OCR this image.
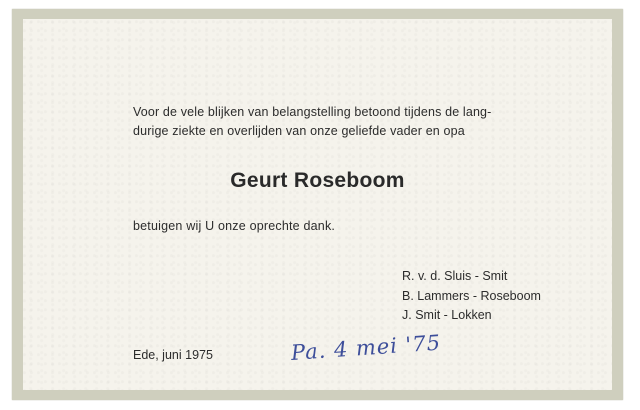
Voor de vele blijken van belangstelling betoond tijdens de lang-
durige ziekte en overlijden van onze geliefde vader en opa
Geurt Roseboom
betuigen wij U onze oprechte dank.
R. v. d. Sluis - Smit
B. Lammers - Roseboom
J. Smit - Lokken
Ede, juni 1975	Pa. 4 mei '75
